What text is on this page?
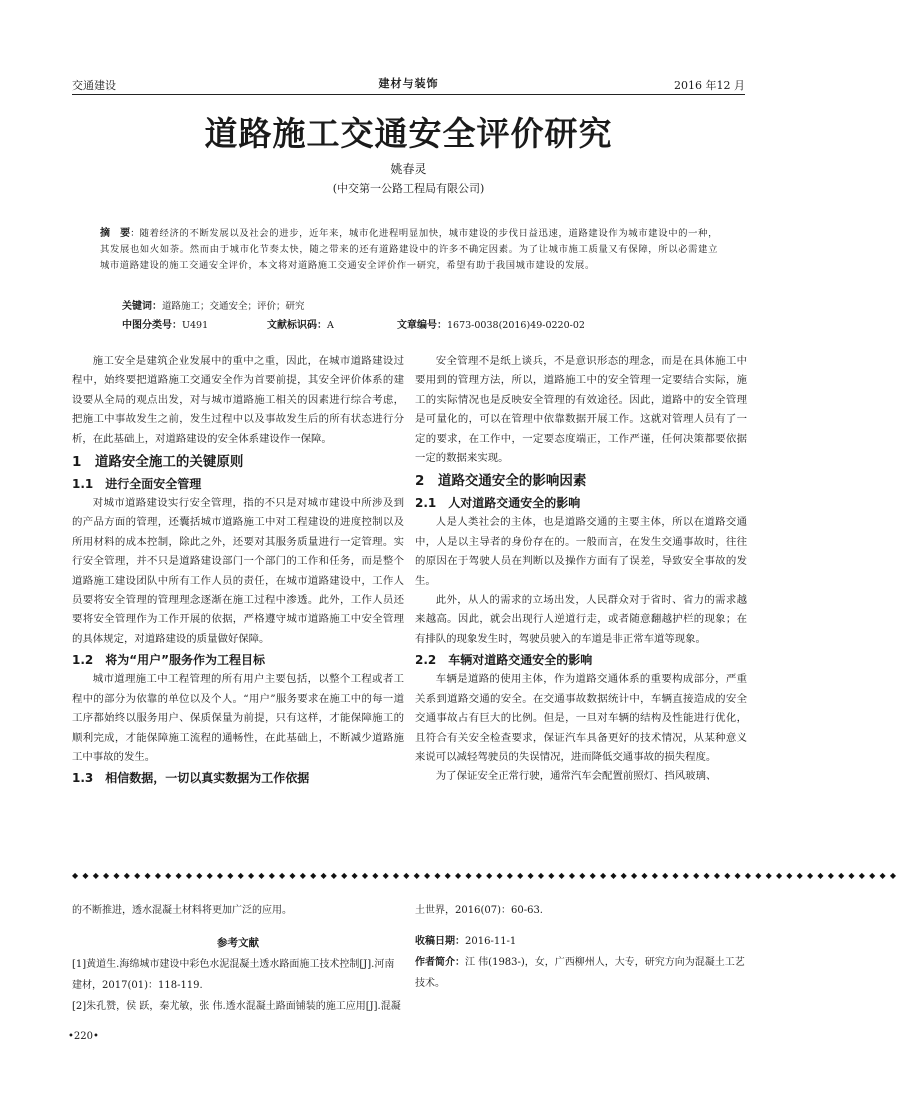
交通建设	建材与装饰	2016 年12 月
道路施工交通安全评价研究
姚春灵
(中交第一公路工程局有限公司)
摘　要：随着经济的不断发展以及社会的进步，近年来，城市化进程明显加快，城市建设的步伐日益迅速，道路建设作为城市建设中的一种，其发展也如火如荼。然而由于城市化节奏太快，随之带来的还有道路建设中的许多不确定因素。为了让城市施工质量又有保障，所以必需建立城市道路建设的施工交通安全评价，本文将对道路施工交通安全评价作一研究，希望有助于我国城市建设的发展。
关键词：道路施工；交通安全；评价；研究
中图分类号：U491	文献标识码：A	文章编号：1673-0038(2016)49-0220-02

施工安全是建筑企业发展中的重中之重，因此，在城市道路建设过程中，始终要把道路施工交通安全作为首要前提，其安全评价体系的建设要从全局的观点出发，对与城市道路施工相关的因素进行综合考虑，把施工中事故发生之前，发生过程中以及事故发生后的所有状态进行分析，在此基础上，对道路建设的安全体系建设作一保障。

1　道路安全施工的关键原则
1.1　进行全面安全管理

对城市道路建设实行安全管理，指的不只是对城市建设中所涉及到的产品方面的管理，还囊括城市道路施工中对工程建设的进度控制以及所用材料的成本控制，除此之外，还要对其服务质量进行一定管理。实行安全管理，并不只是道路建设部门一个部门的工作和任务，而是整个道路施工建设团队中所有工作人员的责任，在城市道路建设中，工作人员要将安全管理的管理理念逐渐在施工过程中渗透。此外，工作人员还要将安全管理作为工作开展的依据，严格遵守城市道路施工中安全管理的具体规定，对道路建设的质量做好保障。

1.2　将为“用户”服务作为工程目标

城市道理施工中工程管理的所有用户主要包括，以整个工程或者工程中的部分为依靠的单位以及个人。“用户”服务要求在施工中的每一道工序都始终以服务用户、保质保量为前提，只有这样，才能保障施工的顺利完成，才能保障施工流程的通畅性，在此基础上，不断减少道路施工中事故的发生。

1.3　相信数据，一切以真实数据为工作依据

安全管理不是纸上谈兵，不是意识形态的理念，而是在具体施工中要用到的管理方法，所以，道路施工中的安全管理一定要结合实际，施工的实际情况也是反映安全管理的有效途径。因此，道路中的安全管理是可量化的，可以在管理中依靠数据开展工作。这就对管理人员有了一定的要求，在工作中，一定要态度端正，工作严谨，任何决策都要依据一定的数据来实现。

2　道路交通安全的影响因素
2.1　人对道路交通安全的影响

人是人类社会的主体，也是道路交通的主要主体，所以在道路交通中，人是以主导者的身份存在的。一般而言，在发生交通事故时，往往的原因在于驾驶人员在判断以及操作方面有了误差，导致安全事故的发生。

此外，从人的需求的立场出发，人民群众对于省时、省力的需求越来越高。因此，就会出现行人逆道行走，或者随意翻越护栏的现象；在有排队的现象发生时，驾驶员驶入的车道是非正常车道等现象。

2.2　车辆对道路交通安全的影响

车辆是道路的使用主体，作为道路交通体系的重要构成部分，严重关系到道路交通的安全。在交通事故数据统计中，车辆直接造成的安全交通事故占有巨大的比例。但是，一旦对车辆的结构及性能进行优化，且符合有关安全检查要求，保证汽车具备更好的技术情况，从某种意义来说可以减轻驾驶员的失误情况，进而降低交通事故的损失程度。

为了保证安全正常行驶，通常汽车会配置前照灯、挡风玻璃、

◆◆◆◆◆◆◆◆◆◆◆◆◆◆◆◆◆◆◆◆◆◆◆◆◆◆◆◆◆◆◆◆◆◆◆◆◆◆◆◆◆◆◆◆◆◆◆◆◆◆◆◆◆◆◆◆◆◆◆◆◆◆◆◆◆◆◆◆◆◆◆◆◆◆◆◆◆◆◆◆
的不断推进，透水混凝土材料将更加广泛的应用。
参考文献

[1]黄道生.海绵城市建设中彩色水泥混凝土透水路面施工技术控制[J].河南建材，2017(01)：118-119.

[2]朱孔赞，侯 跃，秦尤敏，张 伟.透水混凝土路面铺装的施工应用[J].混凝

土世界，2016(07)：60-63.
收稿日期：2016-11-1
作者简介：江 伟(1983-)，女，广西柳州人，大专，研究方向为混凝土工艺技术。
•220•
